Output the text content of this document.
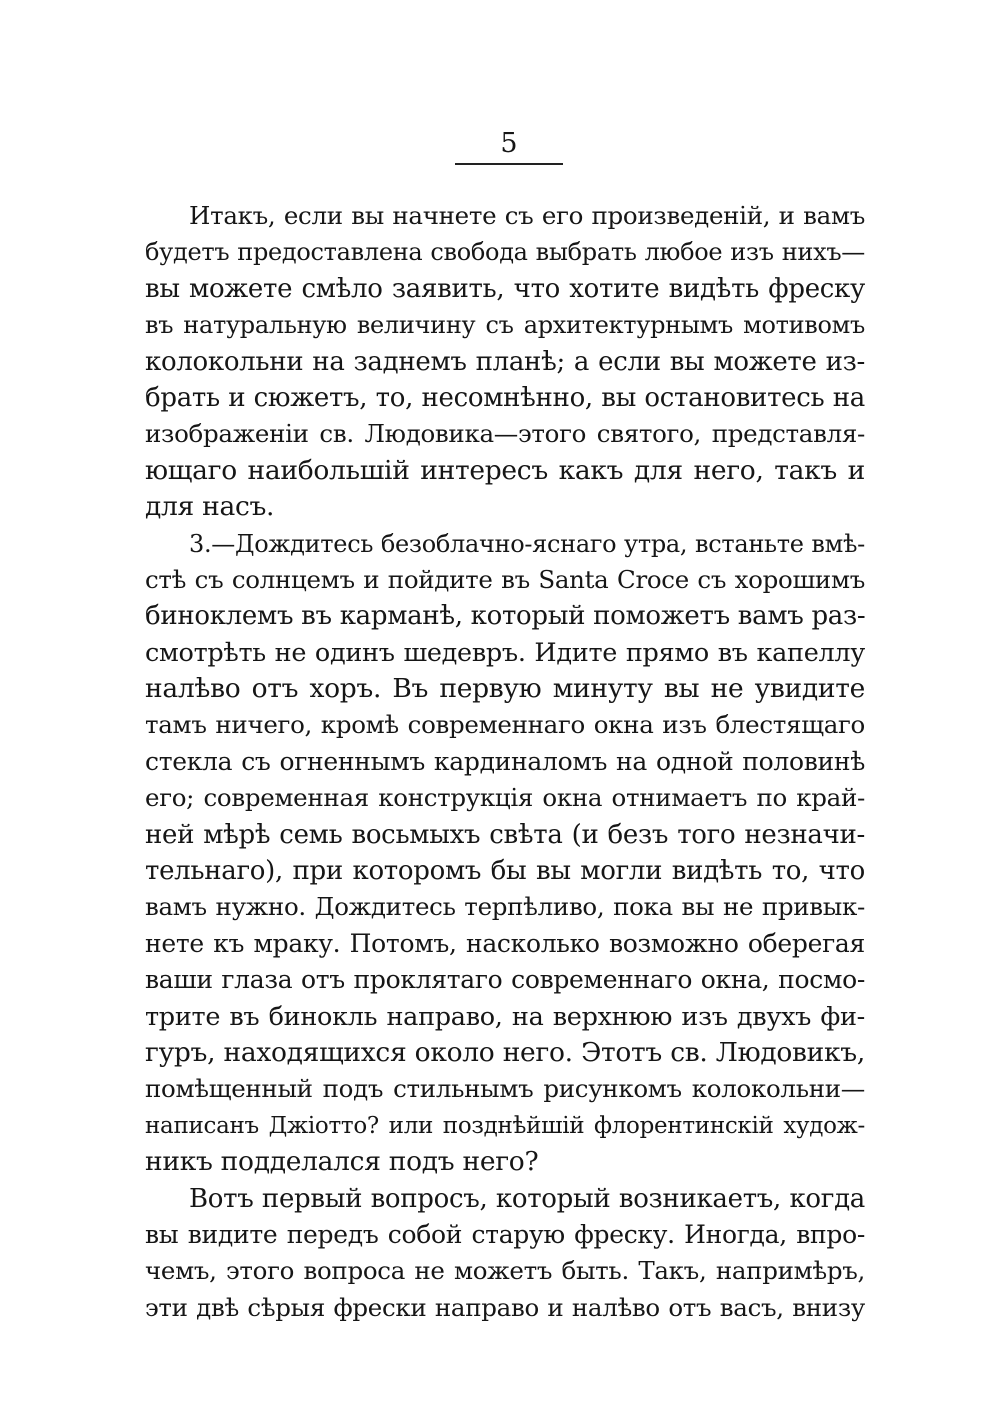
5
Итакъ, если вы начнете съ его произведеній, и вамъ
будетъ предоставлена свобода выбрать любое изъ нихъ—
вы можете смѣло заявить, что хотите видѣть фреску
въ натуральную величину съ архитектурнымъ мотивомъ
колокольни на заднемъ планѣ; а если вы можете из-
брать и сюжетъ, то, несомнѣнно, вы остановитесь на
изображеніи св. Людовика—этого святого, представля-
ющаго наибольшій интересъ какъ для него, такъ и
для насъ.
3.—Дождитесь безоблачно-яснаго утра, встаньте вмѣ-
стѣ съ солнцемъ и пойдите въ Santa Croce съ хорошимъ
биноклемъ въ карманѣ, который поможетъ вамъ раз-
смотрѣть не одинъ шедевръ. Идите прямо въ капеллу
налѣво отъ хоръ. Въ первую минуту вы не увидите
тамъ ничего, кромѣ современнаго окна изъ блестящаго
стекла съ огненнымъ кардиналомъ на одной половинѣ
его; современная конструкція окна отнимаетъ по край-
ней мѣрѣ семь восьмыхъ свѣта (и безъ того незначи-
тельнаго), при которомъ бы вы могли видѣть то, что
вамъ нужно. Дождитесь терпѣливо, пока вы не привык-
нете къ мраку. Потомъ, насколько возможно оберегая
ваши глаза отъ проклятаго современнаго окна, посмо-
трите въ бинокль направо, на верхнюю изъ двухъ фи-
гуръ, находящихся около него. Этотъ св. Людовикъ,
помѣщенный подъ стильнымъ рисункомъ колокольни—
написанъ Джіотто? или позднѣйшій флорентинскій худож-
никъ подделался подъ него?
Вотъ первый вопросъ, который возникаетъ, когда
вы видите передъ собой старую фреску. Иногда, впро-
чемъ, этого вопроса не можетъ быть. Такъ, напримѣръ,
эти двѣ сѣрыя фрески направо и налѣво отъ васъ, внизу
